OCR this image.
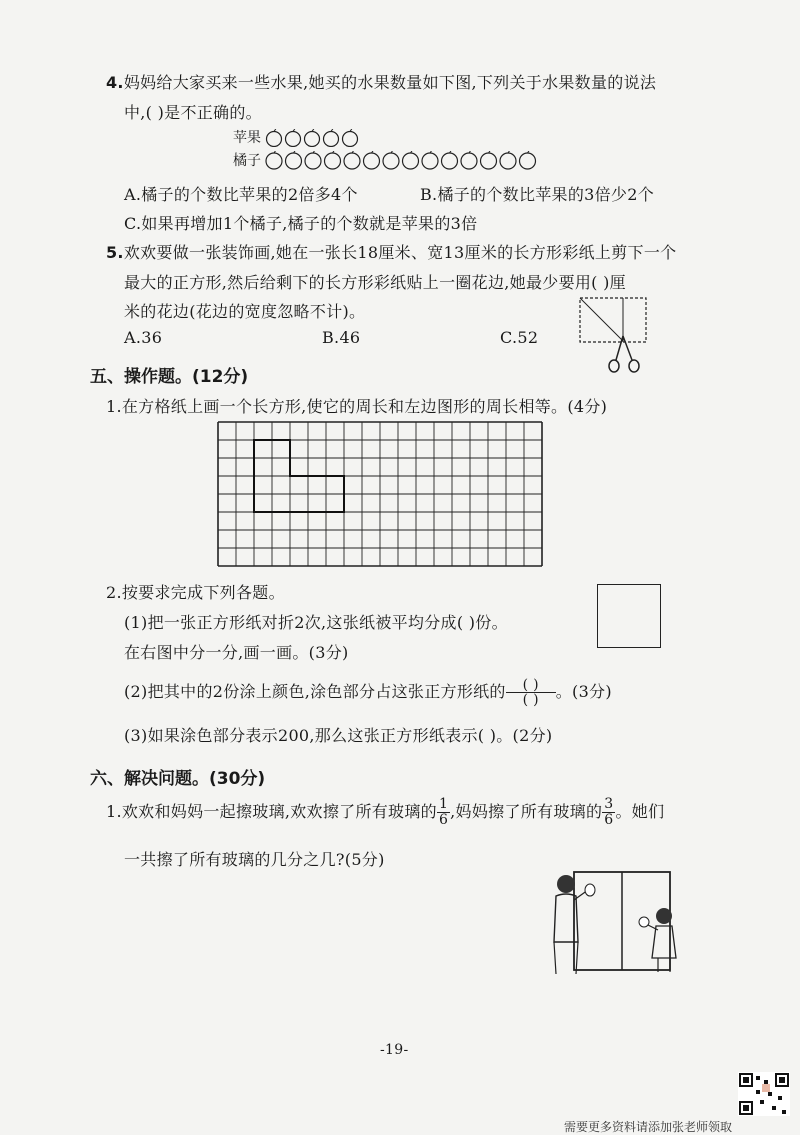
4.妈妈给大家买来一些水果,她买的水果数量如下图,下列关于水果数量的说法
中,( )是不正确的。
苹果
橘子
A.橘子的个数比苹果的2倍多4个	B.橘子的个数比苹果的3倍少2个
C.如果再增加1个橘子,橘子的个数就是苹果的3倍
5.欢欢要做一张装饰画,她在一张长18厘米、宽13厘米的长方形彩纸上剪下一个
最大的正方形,然后给剩下的长方形彩纸贴上一圈花边,她最少要用( )厘
米的花边(花边的宽度忽略不计)。
A.36	B.46	C.52
五、操作题。(12分)
1.在方格纸上画一个长方形,使它的周长和左边图形的周长相等。(4分)
2.按要求完成下列各题。
(1)把一张正方形纸对折2次,这张纸被平均分成( )份。
在右图中分一分,画一画。(3分)
(2)把其中的2份涂上颜色,涂色部分占这张正方形纸的 $\frac{( )}{( )}$ 。(3分)
(3)如果涂色部分表示200,那么这张正方形纸表示( )。(2分)
六、解决问题。(30分)
1.欢欢和妈妈一起擦玻璃,欢欢擦了所有玻璃的 $\frac{1}{6}$ ,妈妈擦了所有玻璃的 $\frac{3}{6}$ 。她们
一共擦了所有玻璃的几分之几?(5分)
-19-
需要更多资料请添加张老师领取
